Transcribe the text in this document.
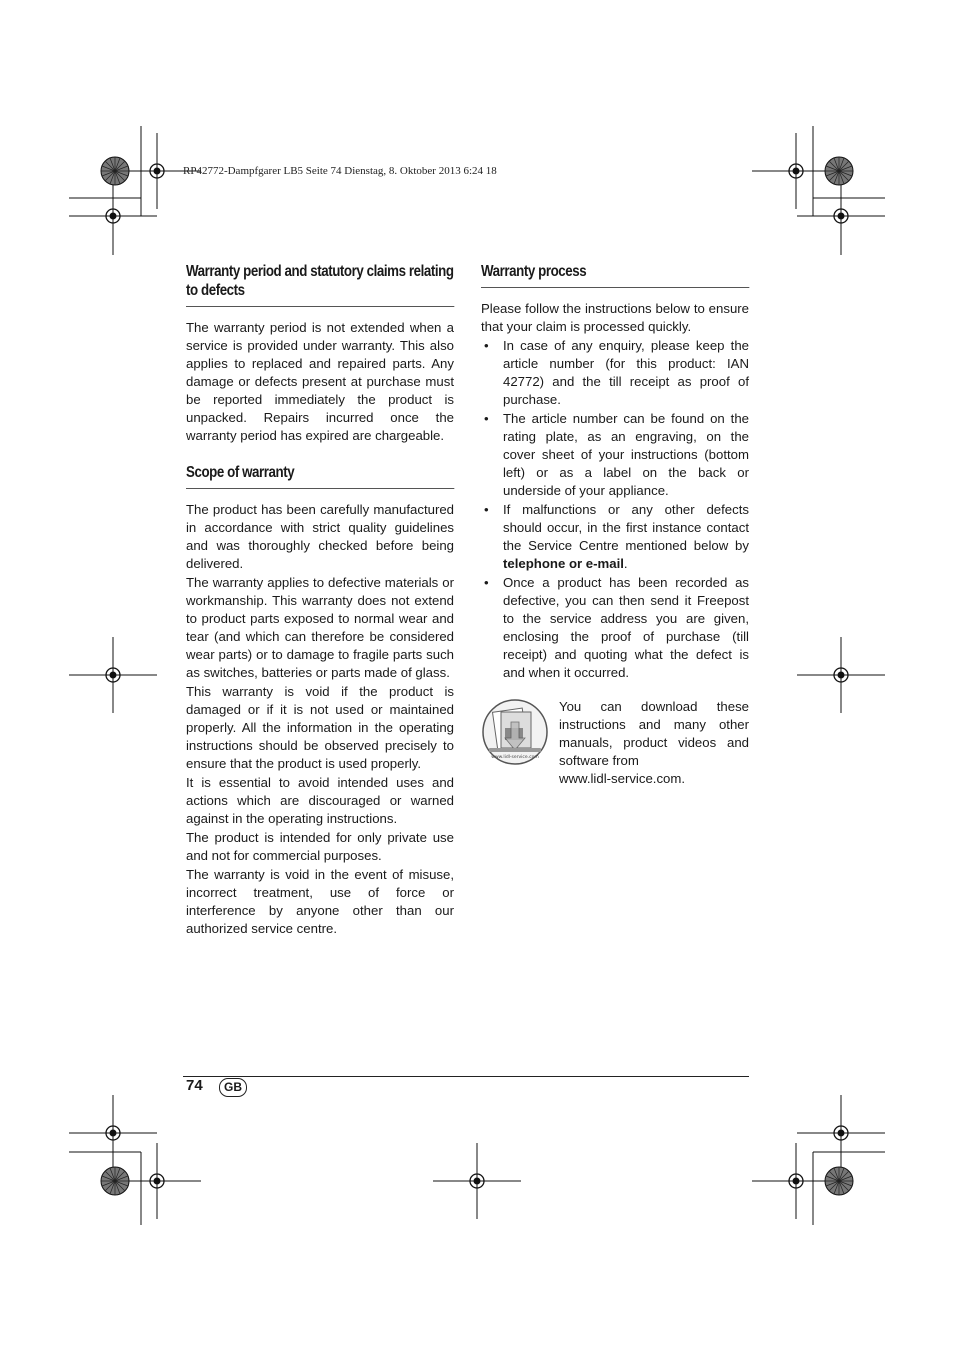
RP42772-Dampfgarer LB5 Seite 74 Dienstag, 8. Oktober 2013 6:24 18
Warranty period and statutory claims relating to defects

The warranty period is not extended when a service is provided under warranty. This also applies to replaced and repaired parts. Any damage or defects present at purchase must be reported immediately the product is unpacked. Repairs incurred once the warranty period has expired are chargeable.

Scope of warranty

The product has been carefully manufactured in accordance with strict quality guidelines and was thoroughly checked before being delivered.

The warranty applies to defective materials or workmanship. This warranty does not extend to product parts exposed to normal wear and tear (and which can therefore be considered wear parts) or to damage to fragile parts such as switches, batteries or parts made of glass.

This warranty is void if the product is damaged or if it is not used or maintained properly. All the information in the operating instructions should be observed precisely to ensure that the product is used properly.

It is essential to avoid intended uses and actions which are discouraged or warned against in the operating instructions.

The product is intended for only private use and not for commercial purposes.

The warranty is void in the event of misuse, incorrect treatment, use of force or interference by anyone other than our authorized service centre.

Warranty process

Please follow the instructions below to ensure that your claim is processed quickly.

• In case of any enquiry, please keep the article number (for this product: IAN 42772) and the till receipt as proof of purchase.
• The article number can be found on the rating plate, as an engraving, on the cover sheet of your instructions (bottom left) or as a label on the back or underside of your appliance.
• If malfunctions or any other defects should occur, in the first instance contact the Service Centre mentioned below by telephone or e-mail.
• Once a product has been recorded as defective, you can then send it Freepost to the service address you are given, enclosing the proof of purchase (till receipt) and quoting what the defect is and when it occurred.
www.lidl-service.com
You can download these instructions and many other manuals, product videos and software from
www.lidl-service.com.
74	GB
